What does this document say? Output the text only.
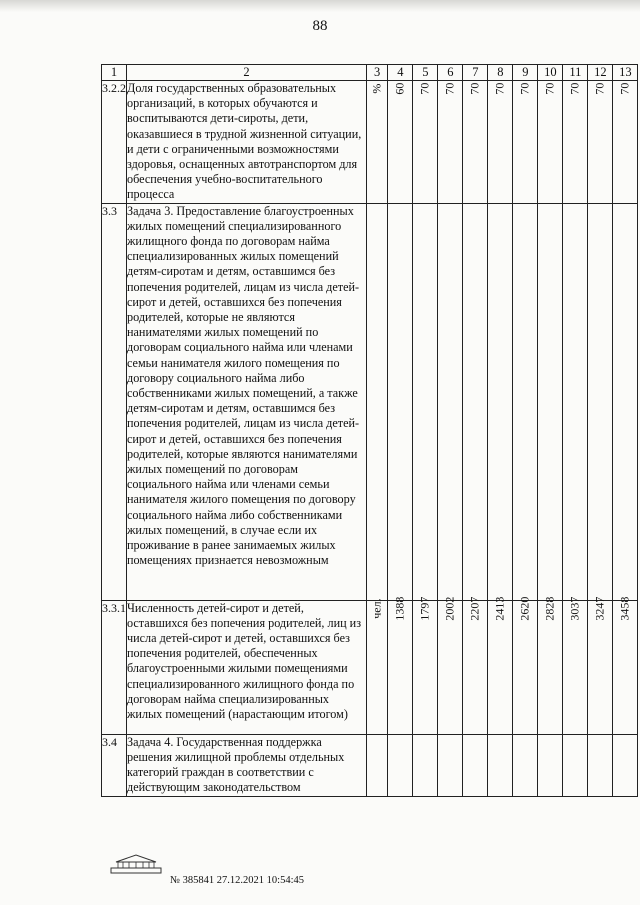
88
1	2	3	4	5	6	7	8	9	10	11	12	13
3.2.2	Доля государственных образовательных организаций, в которых обучаются и воспитываются дети-сироты, дети, оказавшиеся в трудной жизненной ситуации, и дети с ограниченными возможностями здоровья, оснащенных автотранспортом для обеспечения учебно-воспитательного процесса	%	60	70	70	70	70	70	70	70	70	70
3.3	Задача 3. Предоставление благоустроенных жилых помещений специализированного жилищного фонда по договорам найма специализированных жилых помещений детям-сиротам и детям, оставшимся без попечения родителей, лицам из числа детей-сирот и детей, оставшихся без попечения родителей, которые не являются нанимателями жилых помещений по договорам социального найма или членами семьи нанимателя жилого помещения по договору социального найма либо собственниками жилых помещений, а также детям-сиротам и детям, оставшимся без попечения родителей, лицам из числа детей-сирот и детей, оставшихся без попечения родителей, которые являются нанимателями жилых помещений по договорам социального найма или членами семьи нанимателя жилого помещения по договору социального найма либо собственниками жилых помещений, в случае если их проживание в ранее занимаемых жилых помещениях признается невозможным											
3.3.1	Численность детей-сирот и детей, оставшихся без попечения родителей, лиц из числа детей-сирот и детей, оставшихся без попечения родителей, обеспеченных благоустроенными жилыми помещениями специализированного жилищного фонда по договорам найма специализированных жилых помещений (нарастающим итогом)	чел.	1388	1797	2002	2207	2413	2620	2828	3037	3247	3458
3.4	Задача 4. Государственная поддержка решения жилищной проблемы отдельных категорий граждан в соответствии с действующим законодательством											
№ 385841 27.12.2021 10:54:45
